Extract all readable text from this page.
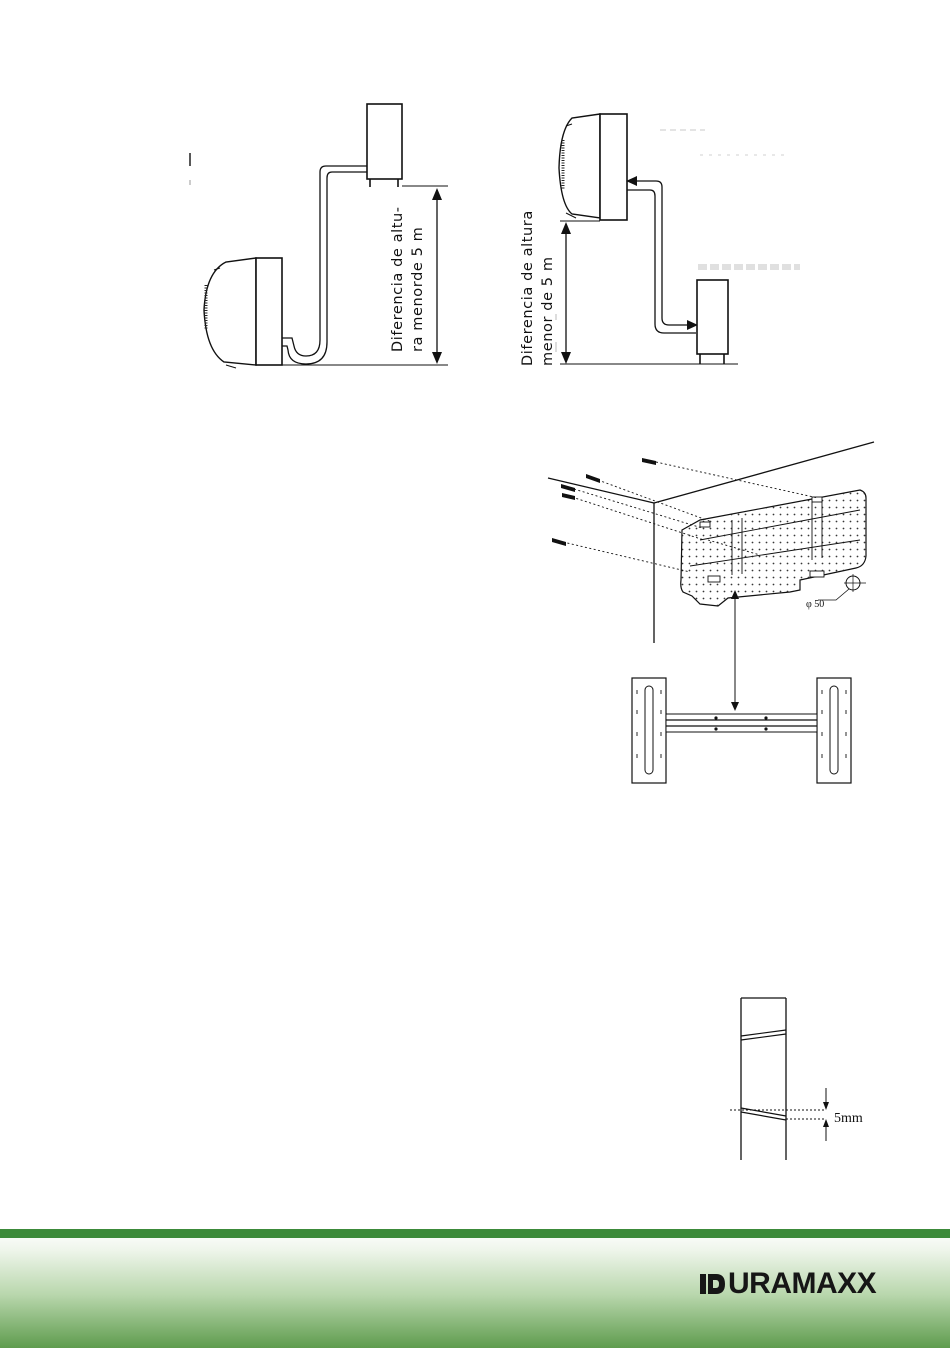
Diferencia de altu- ra menorde 5 m	Diferencia de altura menor de 5 m
φ 50
5mm
URAMAXX
